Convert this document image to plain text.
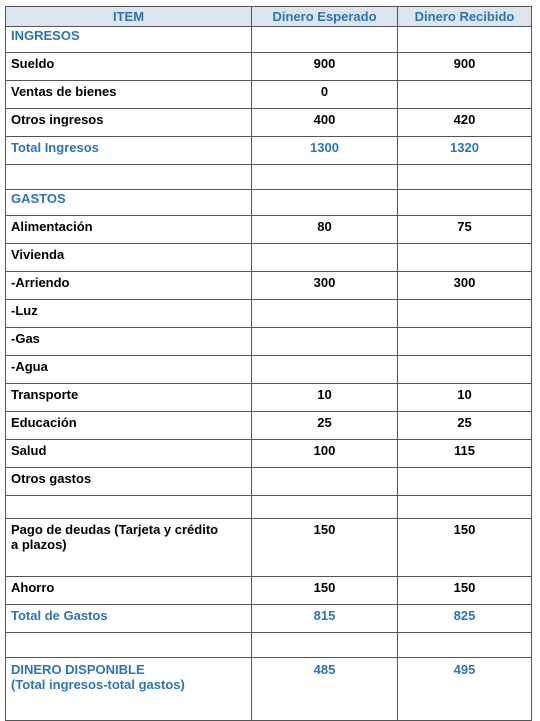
ITEM	Dinero Esperado	Dinero Recibido
INGRESOS		
Sueldo	900	900
Ventas de bienes	0	
Otros ingresos	400	420
Total Ingresos	1300	1320

GASTOS		
Alimentación	80	75
Vivienda		
-Arriendo	300	300
-Luz		
-Gas		
-Agua		
Transporte	10	10
Educación	25	25
Salud	100	115
Otros gastos		

Pago de deudas (Tarjeta y crédito
a plazos)	150	150
Ahorro	150	150
Total de Gastos	815	825

DINERO DISPONIBLE
(Total ingresos-total gastos)	485	495
